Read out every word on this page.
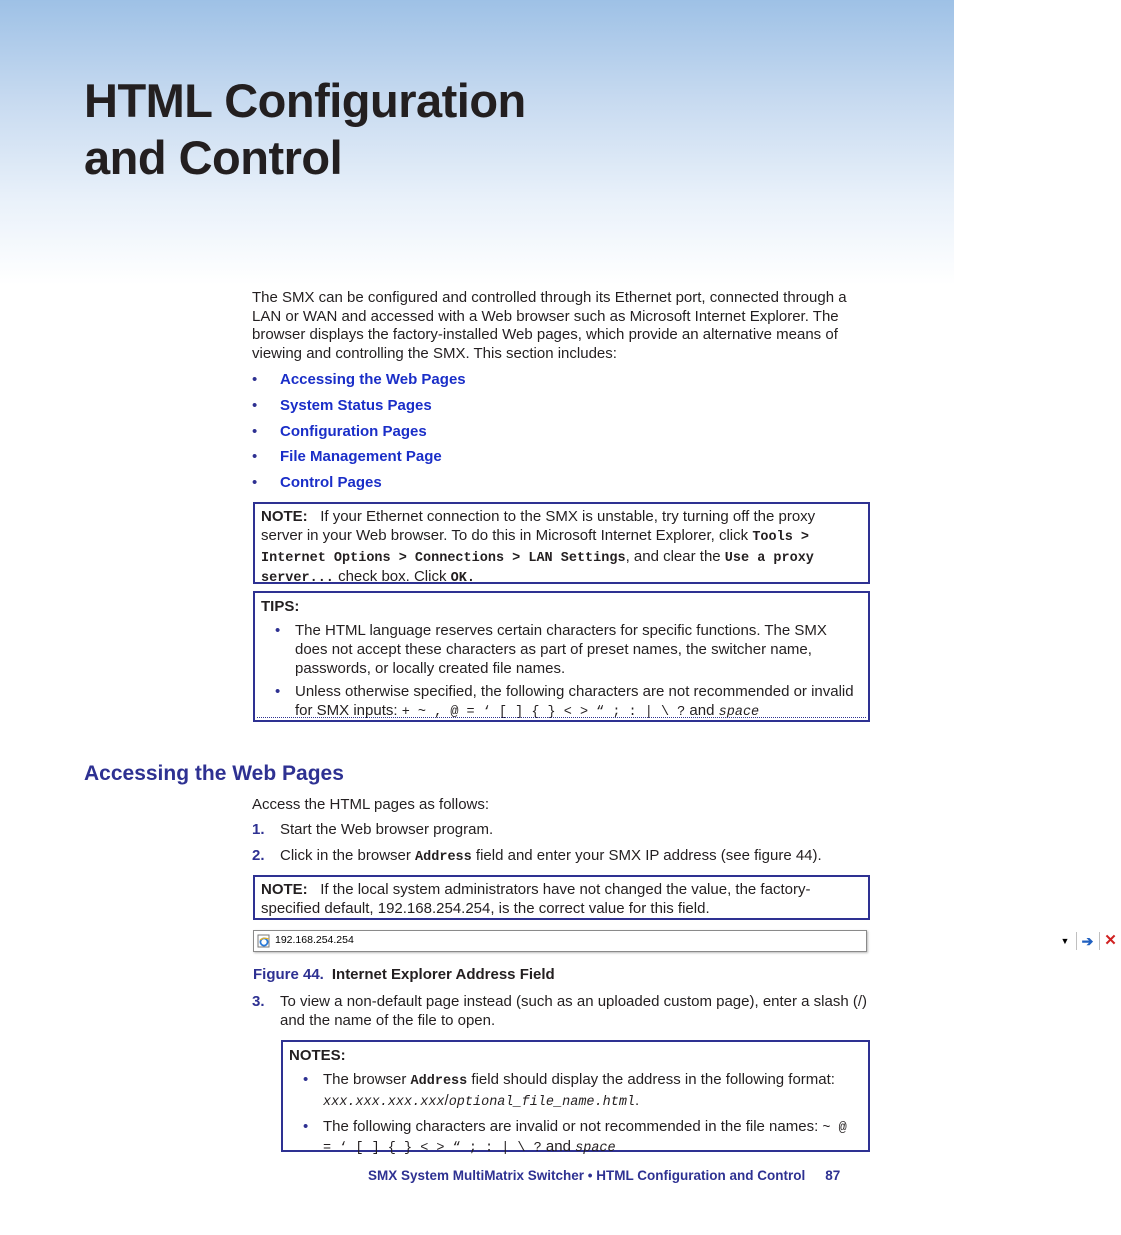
HTML Configuration
and Control

The SMX can be configured and controlled through its Ethernet port, connected through a LAN or WAN and accessed with a Web browser such as Microsoft Internet Explorer. The browser displays the factory-installed Web pages, which provide an alternative means of viewing and controlling the SMX. This section includes:

• Accessing the Web Pages
• System Status Pages
• Configuration Pages
• File Management Page
• Control Pages
NOTE: If your Ethernet connection to the SMX is unstable, try turning off the proxy server in your Web browser. To do this in Microsoft Internet Explorer, click Tools > Internet Options > Connections > LAN Settings, and clear the Use a proxy server... check box. Click OK.
TIPS:
• The HTML language reserves certain characters for specific functions. The SMX does not accept these characters as part of preset names, the switcher name, passwords, or locally created file names.
• Unless otherwise specified, the following characters are not recommended or invalid for SMX inputs: + ~ , @ = ‘ [ ] { } < > “ ; : | \ ? and space
Accessing the Web Pages

Access the HTML pages as follows:

1. Start the Web browser program.
2. Click in the browser Address field and enter your SMX IP address (see figure 44).
NOTE: If the local system administrators have not changed the value, the factory-specified default, 192.168.254.254, is the correct value for this field.
192.168.254.254	▼ ➔ ✕

Figure 44. Internet Explorer Address Field

3. To view a non-default page instead (such as an uploaded custom page), enter a slash (/) and the name of the file to open.
NOTES:
• The browser Address field should display the address in the following format:
xxx.xxx.xxx.xxx/optional_file_name.html.
• The following characters are invalid or not recommended in the file names: ~ @ = ‘ [ ] { } < > “ ; : | \ ? and space
SMX System MultiMatrix Switcher • HTML Configuration and Control 87
